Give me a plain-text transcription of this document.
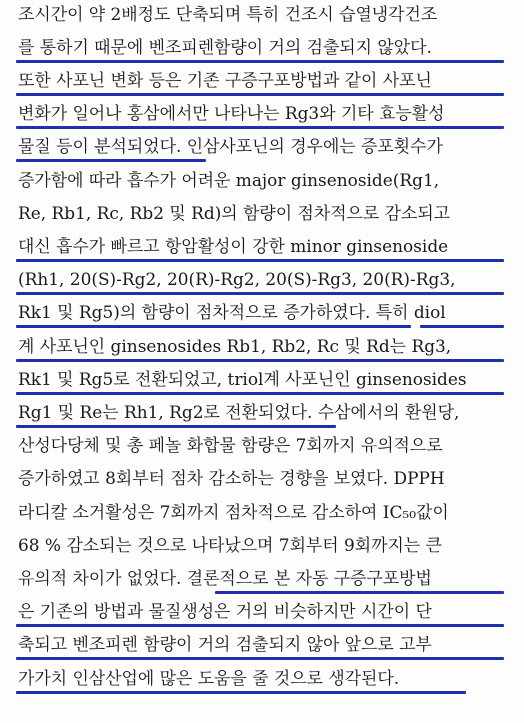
조시간이 약 2배정도 단축되며 특히 건조시 습열냉각건조
를 통하기 때문에 벤조피렌함량이 거의 검출되지 않았다.
또한 사포닌 변화 등은 기존 구증구포방법과 같이 사포닌
변화가 일어나 홍삼에서만 나타나는 Rg3와 기타 효능활성
물질 등이 분석되었다. 인삼사포닌의 경우에는 증포횟수가
증가함에 따라 흡수가 어려운 major ginsenoside(Rg1,
Re, Rb1, Rc, Rb2 및 Rd)의 함량이 점차적으로 감소되고
대신 흡수가 빠르고 항암활성이 강한 minor ginsenoside
(Rh1, 20(S)-Rg2, 20(R)-Rg2, 20(S)-Rg3, 20(R)-Rg3,
Rk1 및 Rg5)의 함량이 점차적으로 증가하였다. 특히 diol
계 사포닌인 ginsenosides Rb1, Rb2, Rc 및 Rd는 Rg3,
Rk1 및 Rg5로 전환되었고, triol계 사포닌인 ginsenosides
Rg1 및 Re는 Rh1, Rg2로 전환되었다. 수삼에서의 환원당,
산성다당체 및 총 페놀 화합물 함량은 7회까지 유의적으로
증가하였고 8회부터 점차 감소하는 경향을 보였다. DPPH
라디칼 소거활성은 7회까지 점차적으로 감소하여 IC₅₀값이
68 % 감소되는 것으로 나타났으며 7회부터 9회까지는 큰
유의적 차이가 없었다. 결론적으로 본 자동 구증구포방법
은 기존의 방법과 물질생성은 거의 비슷하지만 시간이 단
축되고 벤조피렌 함량이 거의 검출되지 않아 앞으로 고부
가가치 인삼산업에 많은 도움을 줄 것으로 생각된다.
